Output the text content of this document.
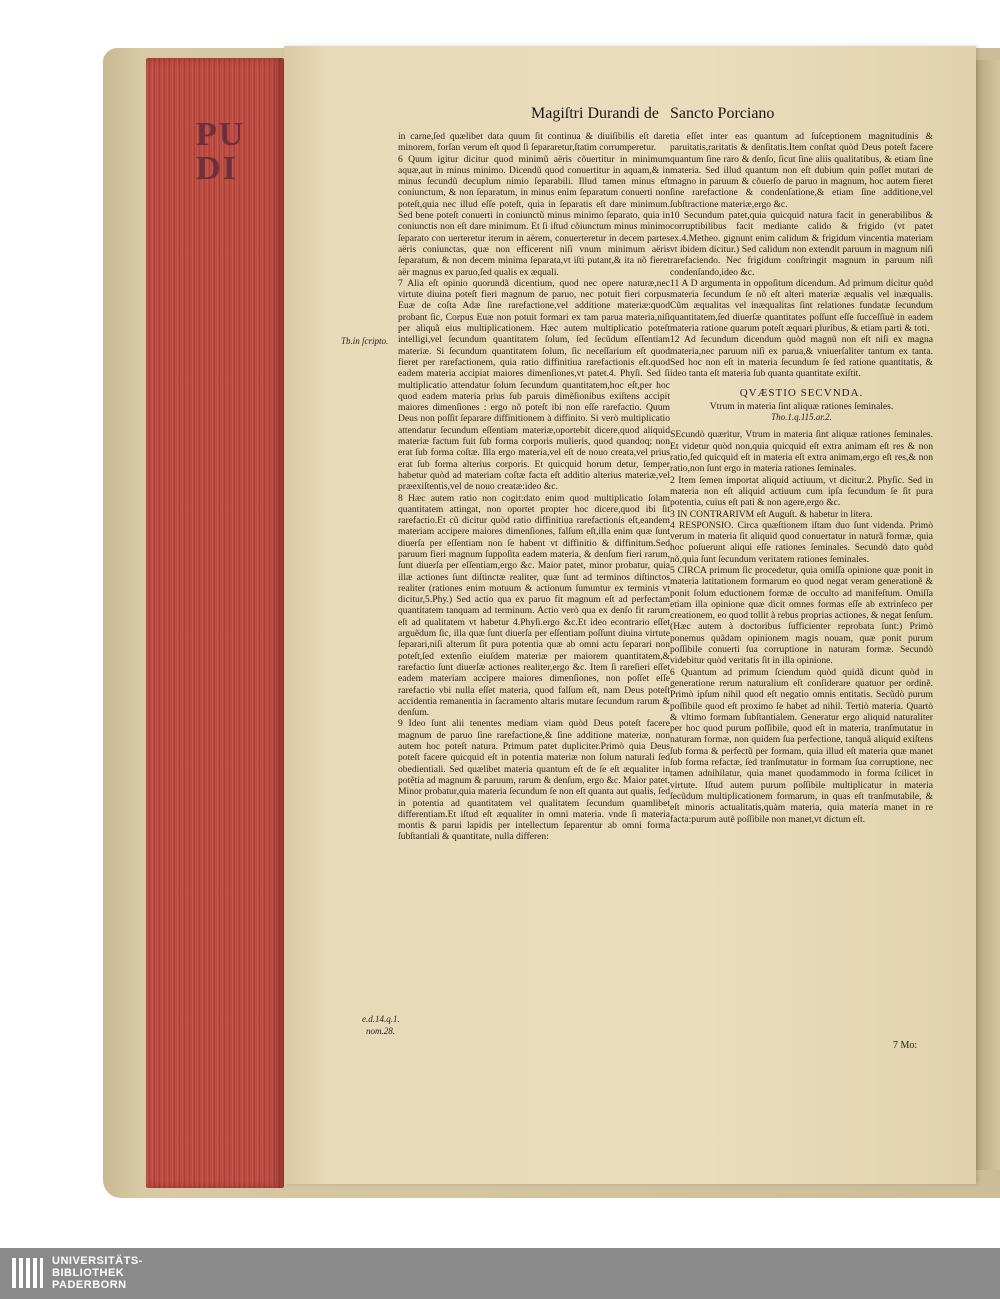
PU
DI
Magiſtri Durandi de Sancto Porciano
Tb.in ſcripto.
e.d.14.q.1.
nom.28.

in carne,ſed quælibet data quum ſit continua & diuiſibilis eſt dare minorem, forſan verum eſt quod ſi ſepararetur,ſtatim corrumperetur.

6 Quum igitur dicitur quod minimũ aëris cõuertitur in minimum aquæ,aut in minus minimo. Dicendũ quod conuertitur in aquam,& in minus ſecundũ decuplum nimio ſeparabili. Illud tamen minus eſt coniunctum, & non ſeparatum, in minus enim ſeparatum conuerti non poteſt,quia nec illud eſſe poteſt, quia in ſeparatis eſt dare minimum. Sed bene poteſt conuerti in coniunctũ minus minimo ſeparato, quia in coniunctis non eſt dare minimum. Et ſi iſtud cõiunctum minus minimo ſeparato con uerteretur iterum in aërem, conuerteretur in decem partes aëris coniunctas, quæ non efficerent niſi vnum minimum aëris ſeparatum, & non decem minima ſeparata,vt iſti putant,& ita nõ fieret aër magnus ex paruo,ſed qualis ex æquali.

7 Alia eſt opinio quorundã dicentium, quod nec opere naturæ,nec virtute diuina poteſt fieri magnum de paruo, nec potuit fieri corpus Euæ de coſta Adæ ſine rarefactione,vel additione materiæ:quod probant ſic, Corpus Euæ non potuit formari ex tam parua materia,niſi per aliquã eius multiplicationem. Hæc autem multiplicatio poteſt intelligi,vel ſecundum quantitatem ſolum, ſed ſecũdum eſſentiam materiæ. Si ſecundum quantitatem ſolum, ſic neceſſarium eſt quod fieret per rarefactionem, quia ratio diffinitiua rarefactionis eſt.quod eadem materia accipiat maiores dimenſiones,vt patet.4. Phyſi. Sed ſi multiplicatio attendatur ſolum ſecundum quantitatem,hoc eſt,per hoc quod eadem materia prius ſub paruis dimẽſionibus exiſtens accipit maiores dimenſiones : ergo nõ poteſt ibi non eſſe rarefactio. Quum Deus non poſſit ſeparare diffinitionem à diffinito. Si verò multiplicatio attendatur ſecundum eſſentiam materiæ,oportebit dicere,quod aliquid materiæ factum fuit ſub forma corporis mulieris, quod quandoq; non erat ſub forma coſtæ. Illa ergo materia,vel eſt de nouo creata,vel prius erat ſub forma alterius corporis. Et quicquid horum detur, ſemper habetur quòd ad materiam coſtæ facta eſt additio alterius materiæ,vel præexiſtentis,vel de nouo creatæ:ideo &c.

8 Hæc autem ratio non cogit:dato enim quod multiplicatio ſolam quantitatem attingat, non oportet propter hoc dicere,quod ibi ſit rarefactio.Et cũ dicitur quòd ratio diffinitiua rarefactionis eſt,eandem materiam accipere maiores dimenſiones, falſum eſt,illa enim quæ ſunt diuerſa per eſſentiam non ſe habent vt diffinitio & diffinitum.Sed paruum fieri magnum ſuppoſita eadem materia, & denſum fieri rarum, ſunt diuerſa per eſſentiam,ergo &c. Maior patet, minor probatur, quia illæ actiones ſunt diſtinctæ realiter, quæ ſunt ad terminos diſtinctos realiter (rationes enim motuum & actionum ſumuntur ex terminis vt dicitur,5.Phy.) Sed actio qua ex paruo fit magnum eſt ad perfectam quantitatem tanquam ad terminum. Actio verò qua ex denſo fit rarum eſt ad qualitatem vt habetur 4.Phyſi.ergo &c.Et ideo econtrario eſſet arguẽdum ſic, illa quæ ſunt diuerſa per eſſentiam poſſunt diuina virtute ſeparari,niſi alterum ſit pura potentia quæ ab omni actu ſeparari non poteſt,ſed extenſio eiuſdem materiæ per maiorem quantitatem,& rarefactio ſunt diuerſæ actiones realiter,ergo &c. Item ſi rareſieri eſſet eadem materiam accipere maiores dimenſiones, non poſſet eſſe rarefactio vbi nulla eſſet materia, quod falſum eſt, nam Deus poteſt accidentia remanentia in ſacramento altaris mutare ſecundum rarum & denſum.

9 Ideo ſunt alii tenentes mediam viam quòd Deus poteſt facere magnum de paruo ſine rarefactione,& ſine additione materiæ, non autem hoc poteſt natura. Primum patet dupliciter.Primò quia Deus poteſt facere quicquid eſt in potentia materiæ non ſolum naturali ſed obedientiali. Sed quælibet materia quantum eſt de ſe eſt æqualiter in potẽtia ad magnum & paruum, rarum & denſum, ergo &c. Maior patet. Minor probatur,quia materia ſecundum ſe non eſt quanta aut qualis, ſed in potentia ad quantitatem vel qualitatem ſecundum quamlibet differentiam.Et iſtud eſt æqualiter in omni materia. vnde ſi materia montis & parui lapidis per intellectum ſeparentur ab omni forma ſubſtantiali & quantitate, nulla differen:

tia eſſet inter eas quantum ad ſuſceptionem magnitudinis & paruitatis,raritatis & denſitatis.Item conſtat quòd Deus poteſt facere quantum ſine raro & denſo, ſicut ſine aliis qualitatibus, & etiam ſine materia. Sed illud quantum non eſt dubium quin poſſet mutari de magno in paruum & cõuerſo de paruo in magnum, hoc autem fieret ſine rarefactione & condenſatione,& etiam ſine additione,vel ſubſtractione materiæ,ergo &c.

10 Secundum patet,quia quicquid natura facit in generabilibus & corruptibilibus facit mediante calido & frigido (vt patet ex.4.Metheo. gignunt enim calidum & frigidum vincentia materiam vt ibidem dicitur.) Sed calidum non extendit paruum in magnum niſi rarefaciendo. Nec frigidum conſtringit magnum in paruum niſi condenſando,ideo &c.

11 A D argumenta in oppoſitum dicendum. Ad primum dicitur quòd materia ſecundum ſe nõ eſt alteri materiæ æqualis vel inæqualis. Cũm æqualitas vel inæqualitas ſint relationes fundatæ ſecundum quantitatem,ſed diuerſæ quantitates poſſunt eſſe ſucceſſiuè in eadem materia ratione quarum poteſt æquari pluribus, & etiam parti & toti.

12 Ad ſecundum dicendum quòd magnũ non eſt niſi ex magna materia,nec paruum niſi ex parua,& vniuerſaliter tantum ex tanta. Sed hoc non eſt in materia ſecundum ſe ſed ratione quantitatis, & ideo tanta eſt materia ſub quanta quantitate exiſtit.

QVÆSTIO SECVNDA.
Vtrum in materia ſint aliquæ rationes ſeminales.
Tho.1.q.115.ar.2.

SEcundò quæritur, Vtrum in materia ſint aliquæ rationes ſeminales. Et videtur quòd non,quia quicquid eſt extra animam eſt res & non ratio,ſed quicquid eſt in materia eſt extra animam,ergo eſt res,& non ratio,non ſunt ergo in materia rationes ſeminales.

2 Item ſemen importat aliquid actiuum, vt dicitur.2. Phyſic. Sed in materia non eſt aliquid actiuum cum ipſa ſecundum ſe ſit pura potentia, cuius eſt pati & non agere,ergo &c.

3 IN CONTRARIVM eſt Auguſt. & habetur in litera.

4 RESPONSIO. Circa quæſtionem iſtam duo ſunt videnda. Primò verum in materia ſit aliquid quod conuertatur in naturã formæ, quia hoc poſuerunt aliqui eſſe rationes ſeminales. Secundò dato quòd nõ,quia ſunt ſecundum veritatem rationes ſeminales.

5 CIRCA primum ſic procedetur, quia omiſſa opinione quæ ponit in materia latitationem formarum eo quod negat veram generationẽ & ponit ſolum eductionem formæ de occulto ad manifeſtum. Omiſſa etiam illa opinione quæ dicit omnes formas eſſe ab extrinſeco per creationem, eo quod tollit à rebus proprias actiones, & negat ſenſum. (Hæc autem à doctoribus ſufficienter reprobata ſunt:) Primò ponemus quãdam opinionem magis nouam, quæ ponit purum poſſibile conuerti ſua corruptione in naturam formæ. Secundò videbitur quòd veritatis ſit in illa opinione.

6 Quantum ad primum ſciendum quòd quidã dicunt quòd in generatione rerum naturalium eſt conſiderare quatuor per ordinẽ. Primò ipſum nihil quod eſt negatio omnis entitatis. Secũdò purum poſſibile quod eſt proximo ſe habet ad nihil. Tertiò materia. Quartò & vltimo formam ſubſtantialem. Generatur ergo aliquid naturaliter per hoc quod purum poſſibile, quod eſt in materia, tranſmutatur in naturam formæ, non quidem ſua perfectione, tanquã aliquid exiſtens ſub forma & perfectũ per formam, quia illud eſt materia quæ manet ſub forma refactæ, ſed tranſmutatur in formam ſua corruptione, nec tamen adnihilatur, quia manet quodammodo in forma ſcilicet in virtute. Iſtud autem purum poſſibile multiplicatur in materia ſecũdum multiplicationem formarum, in quas eſt tranſmutabile, & eſt minoris actualitatis,quàm materia, quia materia manet in re facta:purum autẽ poſſibile non manet,vt dictum eſt.

7 Mo:
UNIVERSITÄTS-
BIBLIOTHEK
PADERBORN
